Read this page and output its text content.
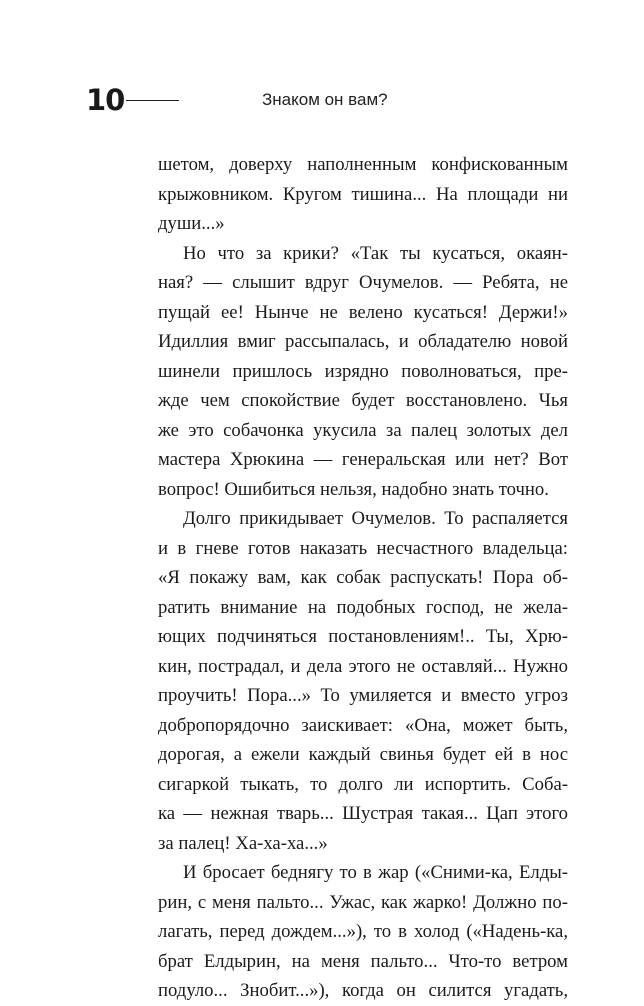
10	Знаком он вам?
шетом, доверху наполненным конфискованным
крыжовником. Кругом тишина... На площади ни
души...»
Но что за крики? «Так ты кусаться, окаян-
ная? — слышит вдруг Очумелов. — Ребята, не
пущай ее! Нынче не велено кусаться! Держи!»
Идиллия вмиг рассыпалась, и обладателю новой
шинели пришлось изрядно поволноваться, пре-
жде чем спокойствие будет восстановлено. Чья
же это собачонка укусила за палец золотых дел
мастера Хрюкина — генеральская или нет? Вот
вопрос! Ошибиться нельзя, надобно знать точно.
Долго прикидывает Очумелов. То распаляется
и в гневе готов наказать несчастного владельца:
«Я покажу вам, как собак распускать! Пора об-
ратить внимание на подобных господ, не жела-
ющих подчиняться постановлениям!.. Ты, Хрю-
кин, пострадал, и дела этого не оставляй... Нужно
проучить! Пора...» То умиляется и вместо угроз
добропорядочно заискивает: «Она, может быть,
дорогая, а ежели каждый свинья будет ей в нос
сигаркой тыкать, то долго ли испортить. Соба-
ка — нежная тварь... Шустрая такая... Цап этого
за палец! Ха-ха-ха...»
И бросает беднягу то в жар («Сними-ка, Елды-
рин, с меня пальто... Ужас, как жарко! Должно по-
лагать, перед дождем...»), то в холод («Надень-ка,
брат Елдырин, на меня пальто... Что-то ветром
подуло... Знобит...»), когда он силится угадать,
